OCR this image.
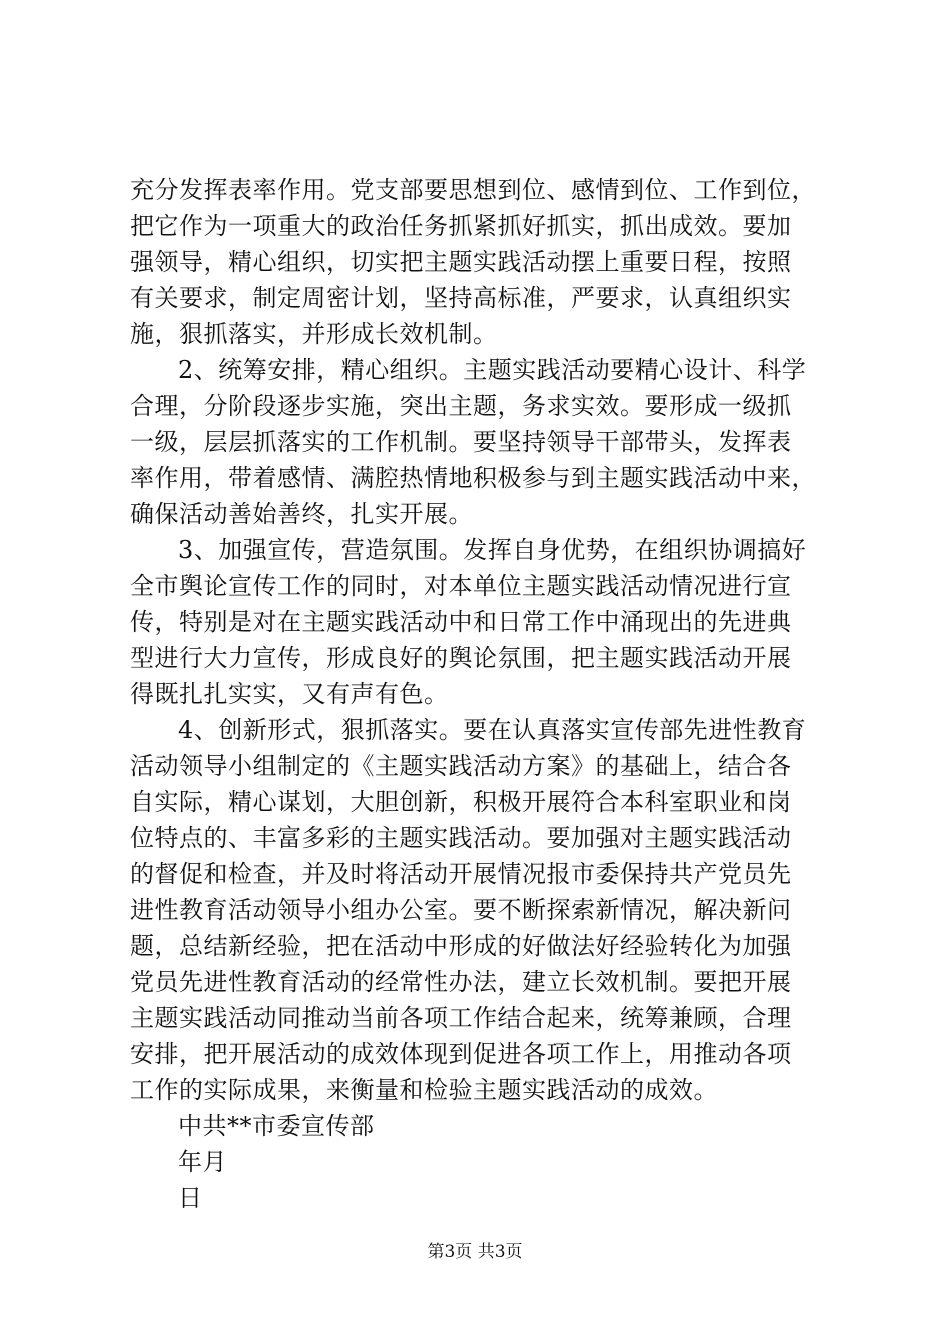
充分发挥表率作用。党支部要思想到位、感情到位、工作到位，
把它作为一项重大的政治任务抓紧抓好抓实，抓出成效。要加
强领导，精心组织，切实把主题实践活动摆上重要日程，按照
有关要求，制定周密计划，坚持高标准，严要求，认真组织实
施，狠抓落实，并形成长效机制。
2、统筹安排，精心组织。主题实践活动要精心设计、科学
合理，分阶段逐步实施，突出主题，务求实效。要形成一级抓
一级，层层抓落实的工作机制。要坚持领导干部带头，发挥表
率作用，带着感情、满腔热情地积极参与到主题实践活动中来，
确保活动善始善终，扎实开展。
3、加强宣传，营造氛围。发挥自身优势，在组织协调搞好
全市舆论宣传工作的同时，对本单位主题实践活动情况进行宣
传，特别是对在主题实践活动中和日常工作中涌现出的先进典
型进行大力宣传，形成良好的舆论氛围，把主题实践活动开展
得既扎扎实实，又有声有色。
4、创新形式，狠抓落实。要在认真落实宣传部先进性教育
活动领导小组制定的《主题实践活动方案》的基础上，结合各
自实际，精心谋划，大胆创新，积极开展符合本科室职业和岗
位特点的、丰富多彩的主题实践活动。要加强对主题实践活动
的督促和检查，并及时将活动开展情况报市委保持共产党员先
进性教育活动领导小组办公室。要不断探索新情况，解决新问
题，总结新经验，把在活动中形成的好做法好经验转化为加强
党员先进性教育活动的经常性办法，建立长效机制。要把开展
主题实践活动同推动当前各项工作结合起来，统筹兼顾，合理
安排，把开展活动的成效体现到促进各项工作上，用推动各项
工作的实际成果，来衡量和检验主题实践活动的成效。
中共**市委宣传部
年月
日
第3页 共3页
